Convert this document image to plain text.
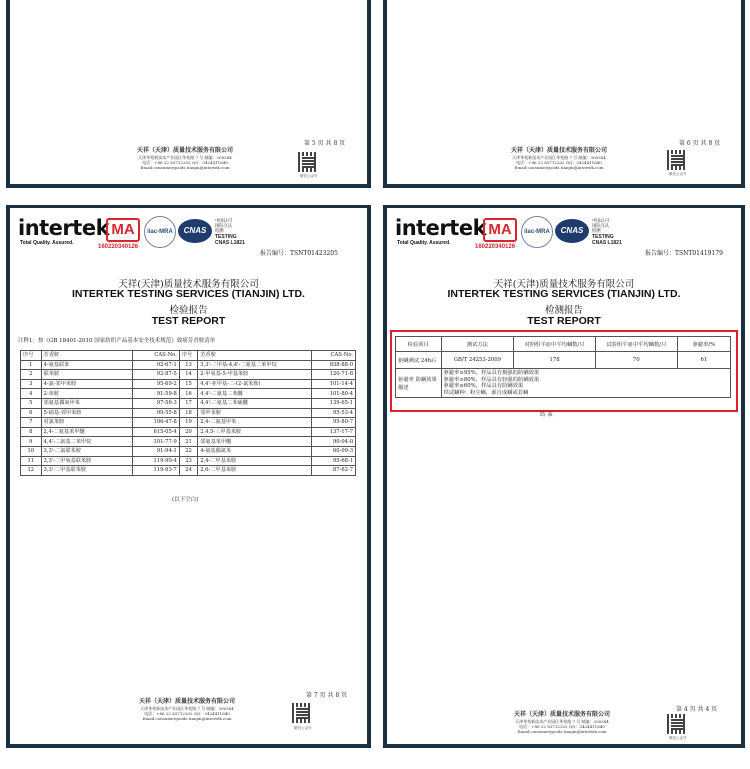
第 5 页 共 8 页
天祥（天津）质量技术服务有限公司
天津华苑新技术产业园区华苑路 7 号 邮编：300384
电话：+86 22 83712202 QQ：3424411640
Email:consumergoods.tianjin@intertek.com
微信公众号
第 6 页 共 8 页
天祥（天津）质量技术服务有限公司
天津华苑新技术产业园区华苑路 7 号 邮编：300384
电话：+86 22 83712202 QQ：3424411640
Email:consumergoods.tianjin@intertek.com
微信公众号
intertek
Total Quality. Assured.
MA
160220340126
ilac-MRA	CNAS
中国认可
国际互认
检测
TESTING
CNAS L1821
报告编号：TSNT01423205
天祥(天津)质量技术服务有限公司
INTERTEK TESTING SERVICES (TIANJIN) LTD.
检验报告
TEST REPORT
注释1：按《GB 18401-2010 国家纺织产品基本安全技术规范》致癌芳香胺清单
序号	芳香胺	CAS-No.	序号	芳香胺	CAS-No.
1	4-氨基联苯	92-67-1	13	3,3'-二甲基-4,4'-二氨基二苯甲烷	838-88-0
2	联苯胺	92-87-5	14	2-甲氧基-5-甲基苯胺	120-71-8
3	4-氯-邻甲苯胺	95-69-2	15	4,4'-亚甲基-二-(2-氯苯胺)	101-14-4
4	2-萘胺	91-59-8	16	4,4'-二氨基二苯醚	101-80-4
5	邻氨基偶氮甲苯	97-56-3	17	4,4'-二氨基二苯硫醚	139-65-1
6	5-硝基-邻甲苯胺	99-55-8	18	邻甲苯胺	95-53-4
7	对氯苯胺	106-47-8	19	2,4-二氨基甲苯	95-80-7
8	2,4-二氨基苯甲醚	615-05-4	20	2,4,5-三甲基苯胺	137-17-7
9	4,4'-二氨基二苯甲烷	101-77-9	21	邻氨基苯甲醚	90-04-0
10	3,3'-二氯联苯胺	91-94-1	22	4-氨基偶氮苯	60-09-3
11	3,3'-二甲氧基联苯胺	119-90-4	23	2,4-二甲基苯胺	95-68-1
12	3,3'-二甲基联苯胺	119-93-7	24	2,6-二甲基苯胺	87-62-7
(以下空白)
第 7 页 共 8 页
天祥（天津）质量技术服务有限公司
天津华苑新技术产业园区华苑路 7 号 邮编：300384
电话：+86 22 83712202 QQ：3424411640
Email:consumergoods.tianjin@intertek.com
微信公众号
intertek
Total Quality. Assured.
MA
160220340126
ilac-MRA	CNAS
中国认可
国际互认
检测
TESTING
CNAS L1821
报告编号：TSNT01419179
天祥(天津)质量技术服务有限公司
INTERTEK TESTING SERVICES (TIANJIN) LTD.
检测报告
TEST REPORT
检验项目	测试方法	对照组平皿中平均螨数/只	试验组平皿中平均螨数/只	驱避率/%
驱螨测试 24h后	GB/T 24253-2009	178	70	61
驱避率 防螨效果描述	驱避率≥95%，样品具有极强的防螨效果
驱避率≥80%，样品具有较强的防螨效果
驱避率≥60%，样品具有防螨效果
供试螨种：粉尘螨，源自成螨或若螨			
结 束
第 4 页 共 4 页
天祥（天津）质量技术服务有限公司
天津华苑新技术产业园区华苑路 7 号 邮编：300384
电话：+86 22 83712202 QQ：3424411640
Email:consumergoods.tianjin@intertek.com
微信公众号
